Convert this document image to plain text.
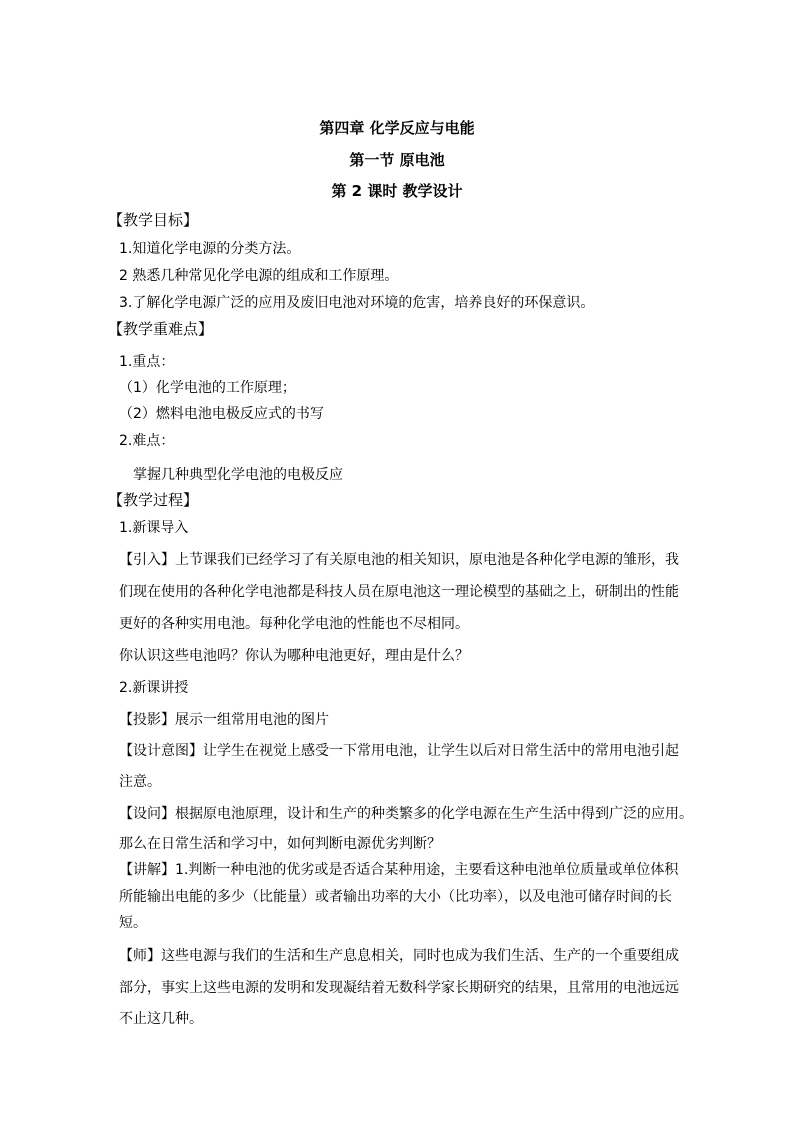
第四章 化学反应与电能
第一节 原电池
第 2 课时 教学设计
【教学目标】
1.知道化学电源的分类方法。
2 熟悉几种常见化学电源的组成和工作原理。
3.了解化学电源广泛的应用及废旧电池对环境的危害，培养良好的环保意识。
【教学重难点】
1.重点：
（1）化学电池的工作原理；
（2）燃料电池电极反应式的书写
2.难点：
掌握几种典型化学电池的电极反应
【教学过程】
1.新课导入
【引入】上节课我们已经学习了有关原电池的相关知识，原电池是各种化学电源的雏形，我
们现在使用的各种化学电池都是科技人员在原电池这一理论模型的基础之上，研制出的性能
更好的各种实用电池。每种化学电池的性能也不尽相同。
你认识这些电池吗？你认为哪种电池更好，理由是什么？
2.新课讲授
【投影】展示一组常用电池的图片
【设计意图】让学生在视觉上感受一下常用电池，让学生以后对日常生活中的常用电池引起
注意。
【设问】根据原电池原理，设计和生产的种类繁多的化学电源在生产生活中得到广泛的应用。
那么在日常生活和学习中，如何判断电源优劣判断？
【讲解】1.判断一种电池的优劣或是否适合某种用途，主要看这种电池单位质量或单位体积
所能输出电能的多少（比能量）或者输出功率的大小（比功率），以及电池可储存时间的长
短。
【师】这些电源与我们的生活和生产息息相关，同时也成为我们生活、生产的一个重要组成
部分，事实上这些电源的发明和发现凝结着无数科学家长期研究的结果，且常用的电池远远
不止这几种。
